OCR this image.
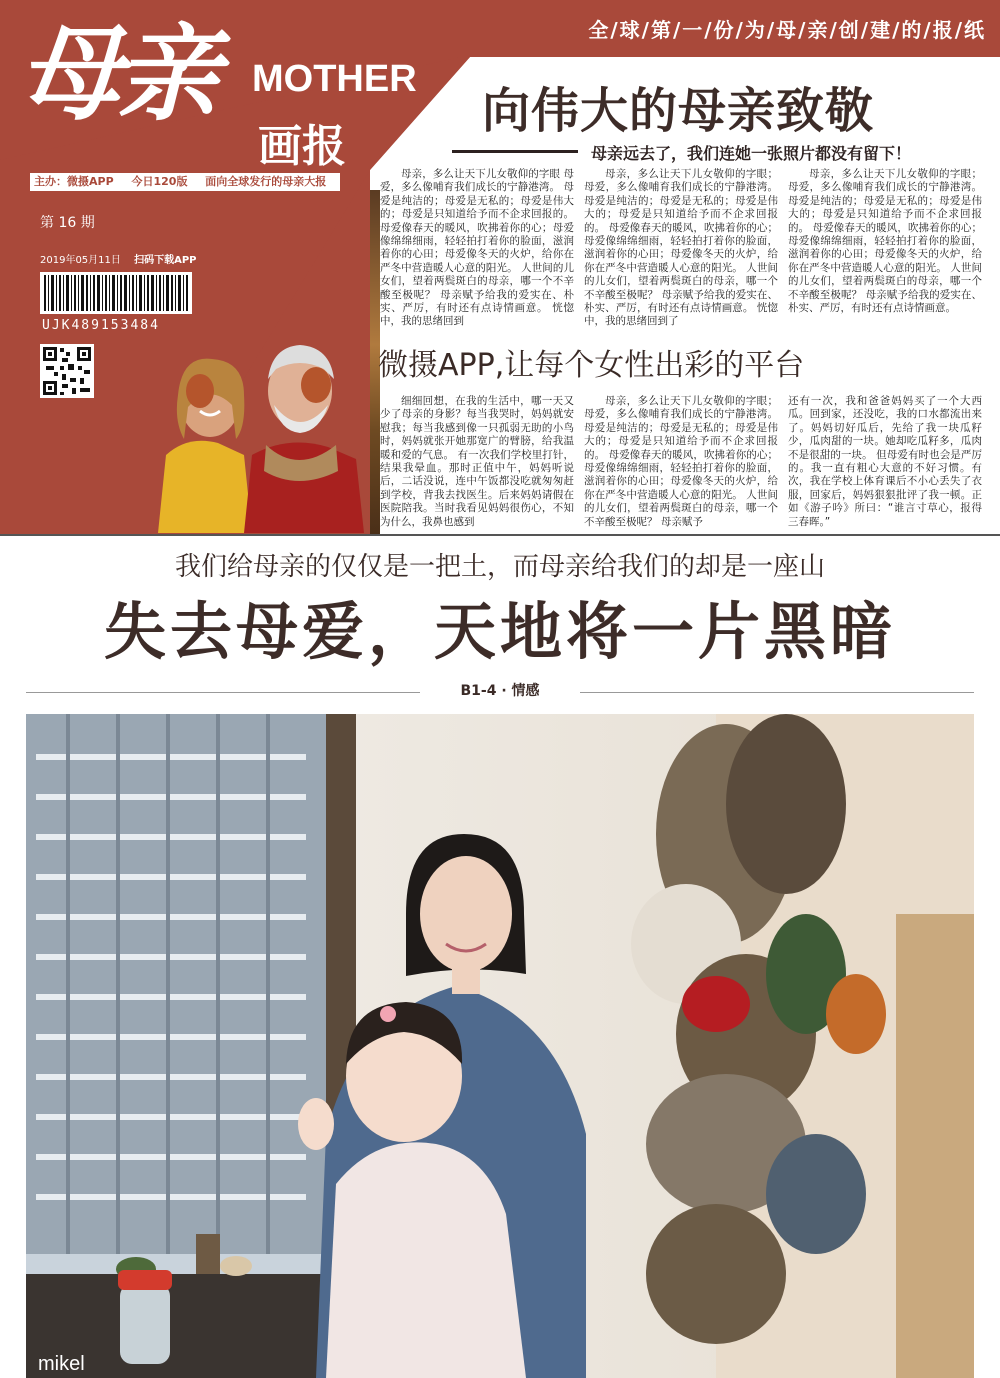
全/球/第/一/份/为/母/亲/创/建/的/报/纸
母亲 MOTHER
画报
主办：微摄APP 今日120版 面向全球发行的母亲大报
第 16 期
2019年05月11日 扫码下载APP
UJK489153484
向伟大的母亲致敬
母亲远去了，我们连她一张照片都没有留下！
母亲，多么让天下儿女敬仰的字眼 母爱，多么像哺育我们成长的宁静港湾。 母爱是纯洁的；母爱是无私的；母爱是伟大的；母爱是只知道给予而不企求回报的。 母爱像春天的暖风，吹拂着你的心；母爱像绵绵细雨，轻轻拍打着你的脸面，滋润着你的心田；母爱像冬天的火炉，给你在严冬中营造暖人心意的阳光。 人世间的儿女们，望着两鬓斑白的母亲，哪一个不辛酸至极呢？ 母亲赋予给我的爱实在、朴实、严厉，有时还有点诗情画意。 恍惚中，我的思绪回到
母亲，多么让天下儿女敬仰的字眼；母爱，多么像哺育我们成长的宁静港湾。 母爱是纯洁的；母爱是无私的；母爱是伟大的；母爱是只知道给予而不企求回报的。 母爱像春天的暖风，吹拂着你的心；母爱像绵绵细雨，轻轻拍打着你的脸面，滋润着你的心田；母爱像冬天的火炉，给你在严冬中营造暖人心意的阳光。 人世间的儿女们，望着两鬓斑白的母亲，哪一个不辛酸至极呢？ 母亲赋予给我的爱实在、朴实、严厉，有时还有点诗情画意。 恍惚中，我的思绪回到了
母亲，多么让天下儿女敬仰的字眼；母爱，多么像哺育我们成长的宁静港湾。 母爱是纯洁的；母爱是无私的；母爱是伟大的；母爱是只知道给予而不企求回报的。 母爱像春天的暖风，吹拂着你的心；母爱像绵绵细雨，轻轻拍打着你的脸面，滋润着你的心田；母爱像冬天的火炉，给你在严冬中营造暖人心意的阳光。 人世间的儿女们，望着两鬓斑白的母亲，哪一个不辛酸至极呢？ 母亲赋予给我的爱实在、朴实、严厉，有时还有点诗情画意。
微摄APP,让每个女性出彩的平台
细细回想，在我的生活中，哪一天又少了母亲的身影？每当我哭时，妈妈就安慰我；每当我感到像一只孤弱无助的小鸟时，妈妈就张开她那宽广的臂膀，给我温暖和爱的气息。 有一次我们学校里打针，结果我晕血。那时正值中午，妈妈听说后，二话没说，连中午饭都没吃就匆匆赶到学校，背我去找医生。后来妈妈请假在医院陪我。当时我看见妈妈很伤心，不知为什么，我鼻也感到
母亲，多么让天下儿女敬仰的字眼；母爱，多么像哺育我们成长的宁静港湾。 母爱是纯洁的；母爱是无私的；母爱是伟大的；母爱是只知道给予而不企求回报的。 母爱像春天的暖风，吹拂着你的心；母爱像绵绵细雨，轻轻拍打着你的脸面，滋润着你的心田；母爱像冬天的火炉，给你在严冬中营造暖人心意的阳光。 人世间的儿女们，望着两鬓斑白的母亲，哪一个不辛酸至极呢？ 母亲赋予
还有一次，我和爸爸妈妈买了一个大西瓜。回到家，还没吃，我的口水都流出来了。妈妈切好瓜后，先给了我一块瓜籽少，瓜肉甜的一块。她却吃瓜籽多，瓜肉不是很甜的一块。 但母爱有时也会是严厉的。我一直有粗心大意的不好习惯。有次，我在学校上体育课后不小心丢失了衣服，回家后，妈妈狠狠批评了我一顿。正如《游子吟》所曰：“谁言寸草心，报得三春晖。”
我们给母亲的仅仅是一把土，而母亲给我们的却是一座山
失去母爱，天地将一片黑暗
B1-4 · 情感
mikel
